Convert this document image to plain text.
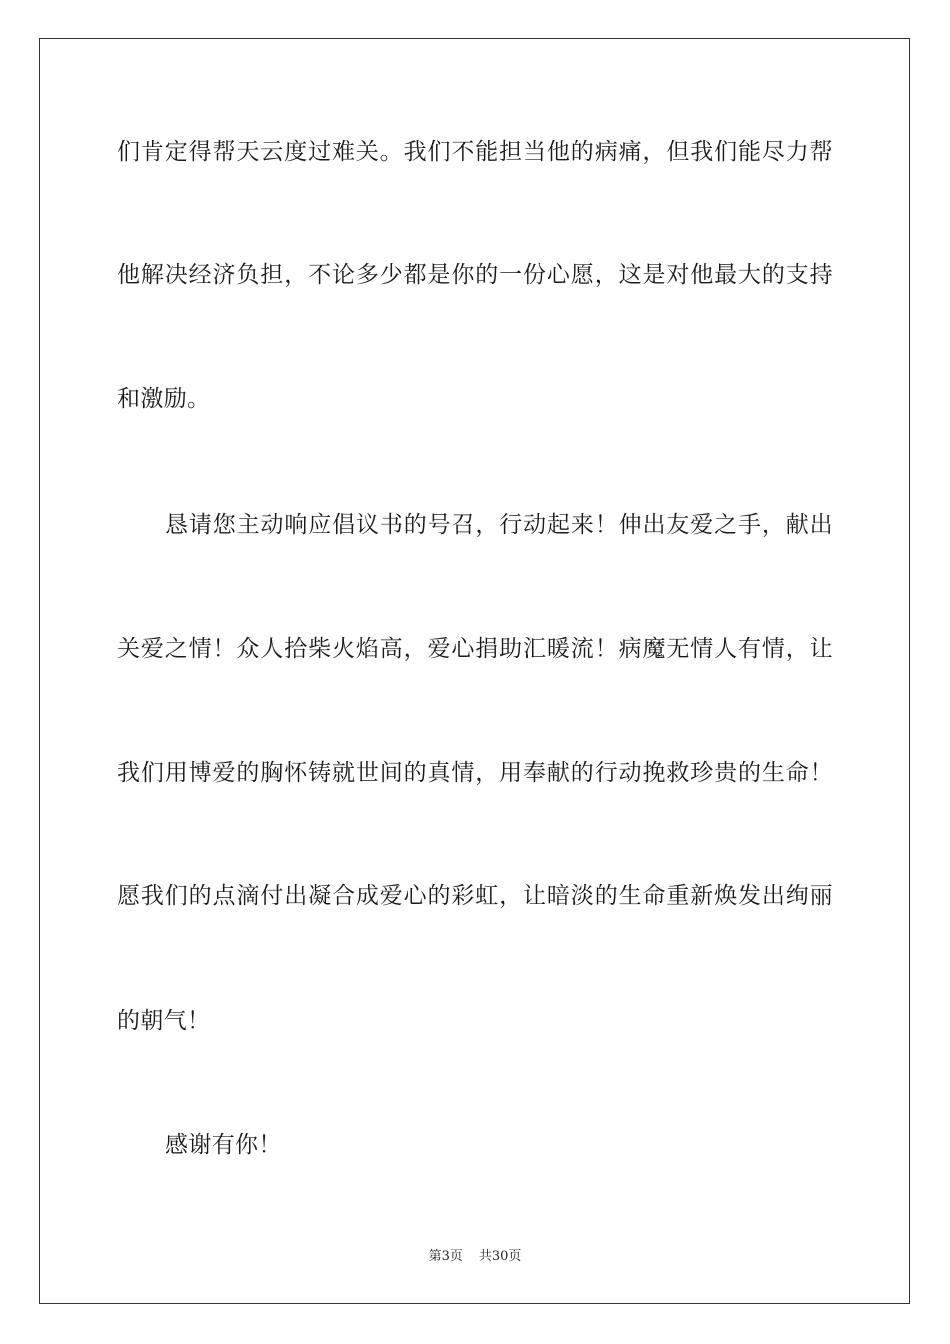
们肯定得帮天云度过难关。我们不能担当他的病痛，但我们能尽力帮
他解决经济负担，不论多少都是你的一份心愿，这是对他最大的支持
和激励。
恳请您主动响应倡议书的号召，行动起来！伸出友爱之手，献出
关爱之情！众人拾柴火焰高，爱心捐助汇暖流！病魔无情人有情，让
我们用博爱的胸怀铸就世间的真情，用奉献的行动挽救珍贵的生命！
愿我们的点滴付出凝合成爱心的彩虹，让暗淡的生命重新焕发出绚丽
的朝气！
感谢有你！
第3页 共30页
